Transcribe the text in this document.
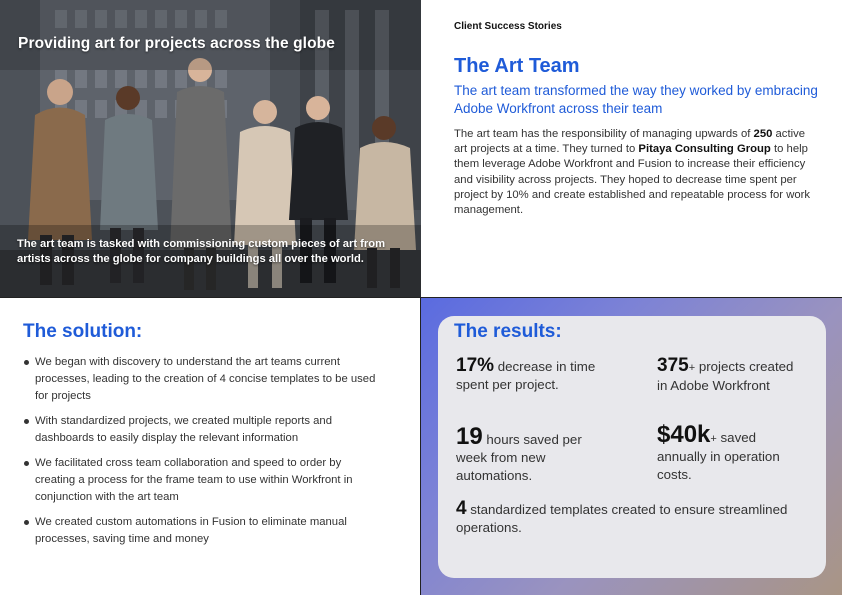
Providing art for projects across the globe
The art team is tasked with commissioning custom pieces of art from artists across the globe for company buildings all over the world.
Client Success Stories
The Art Team
The art team transformed the way they worked by embracing Adobe Workfront across their team
The art team has the responsibility of managing upwards of 250 active art projects at a time. They turned to Pitaya Consulting Group to help them leverage Adobe Workfront and Fusion to increase their efficiency and visibility across projects. They hoped to decrease time spent per project by 10% and create established and repeatable process for work management.
The solution:
We began with discovery to understand the art teams current processes, leading to the creation of 4 concise templates to be used for projects
With standardized projects, we created multiple reports and dashboards to easily display the relevant information
We facilitated cross team collaboration and speed to order by creating a process for the frame team to use within Workfront in conjunction with the art team
We created custom automations in Fusion to eliminate manual processes, saving time and money
The results:
17% decrease in time spent per project.
375+ projects created in Adobe Workfront
19 hours saved per week from new automations.
$40k+ saved annually in operation costs.
4 standardized templates created to ensure streamlined operations.
